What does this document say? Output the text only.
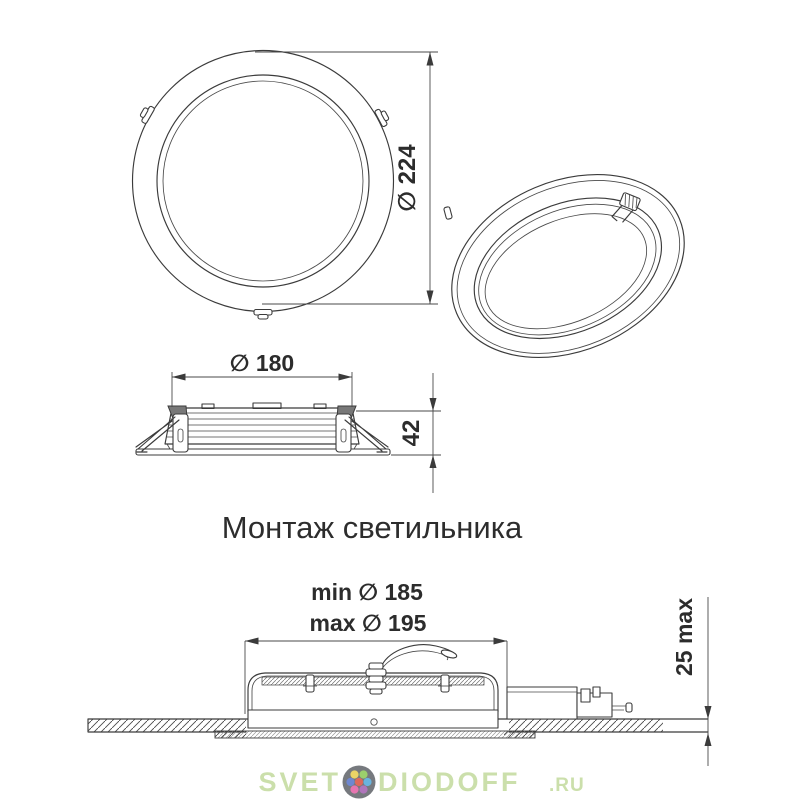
∅ 224
∅ 180
42
Монтаж светильника
min ∅ 185
max ∅ 195	25 max
SVET DIODOFF .RU
